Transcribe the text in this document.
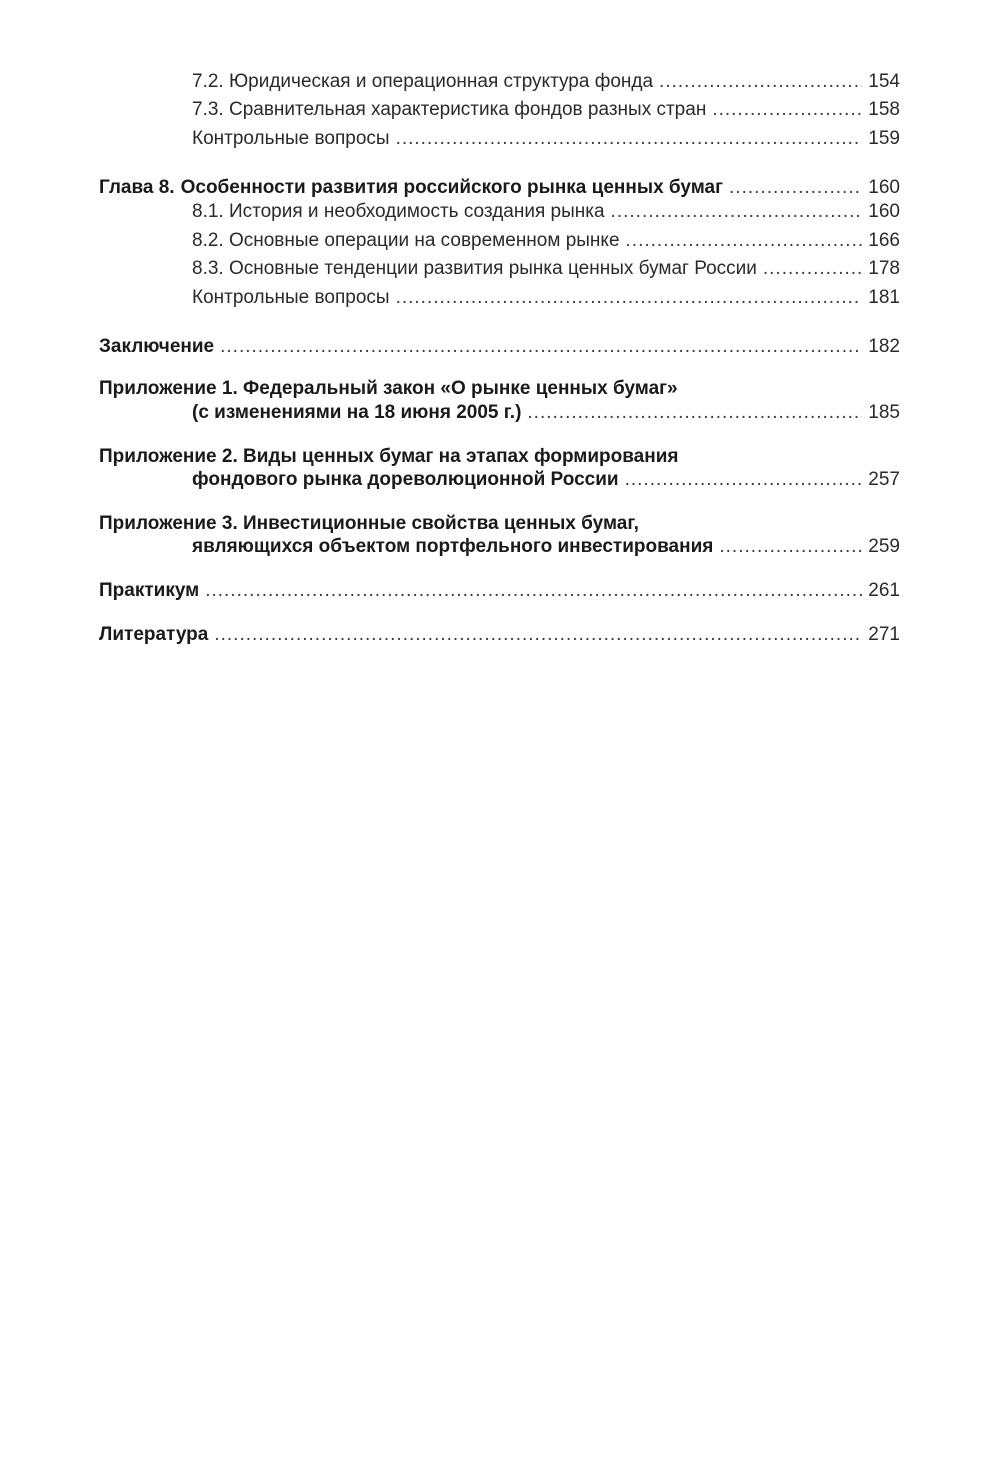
7.2. Юридическая и операционная структура фонда .....	154
7.3. Сравнительная характеристика фондов разных стран .....	158
Контрольные вопросы .....	159
Глава 8. Особенности развития российского рынка ценных бумаг .....	160
8.1. История и необходимость создания рынка .....	160
8.2. Основные операции на современном рынке .....	166
8.3. Основные тенденции развития рынка ценных бумаг России .....	178
Контрольные вопросы .....	181
Заключение .....	182
Приложение 1. Федеральный закон «О рынке ценных бумаг»
(с изменениями на 18 июня 2005 г.) .....	185
Приложение 2. Виды ценных бумаг на этапах формирования
фондового рынка дореволюционной России .....	257
Приложение 3. Инвестиционные свойства ценных бумаг,
являющихся объектом портфельного инвестирования .....	259
Практикум .....	261
Литература .....	271
